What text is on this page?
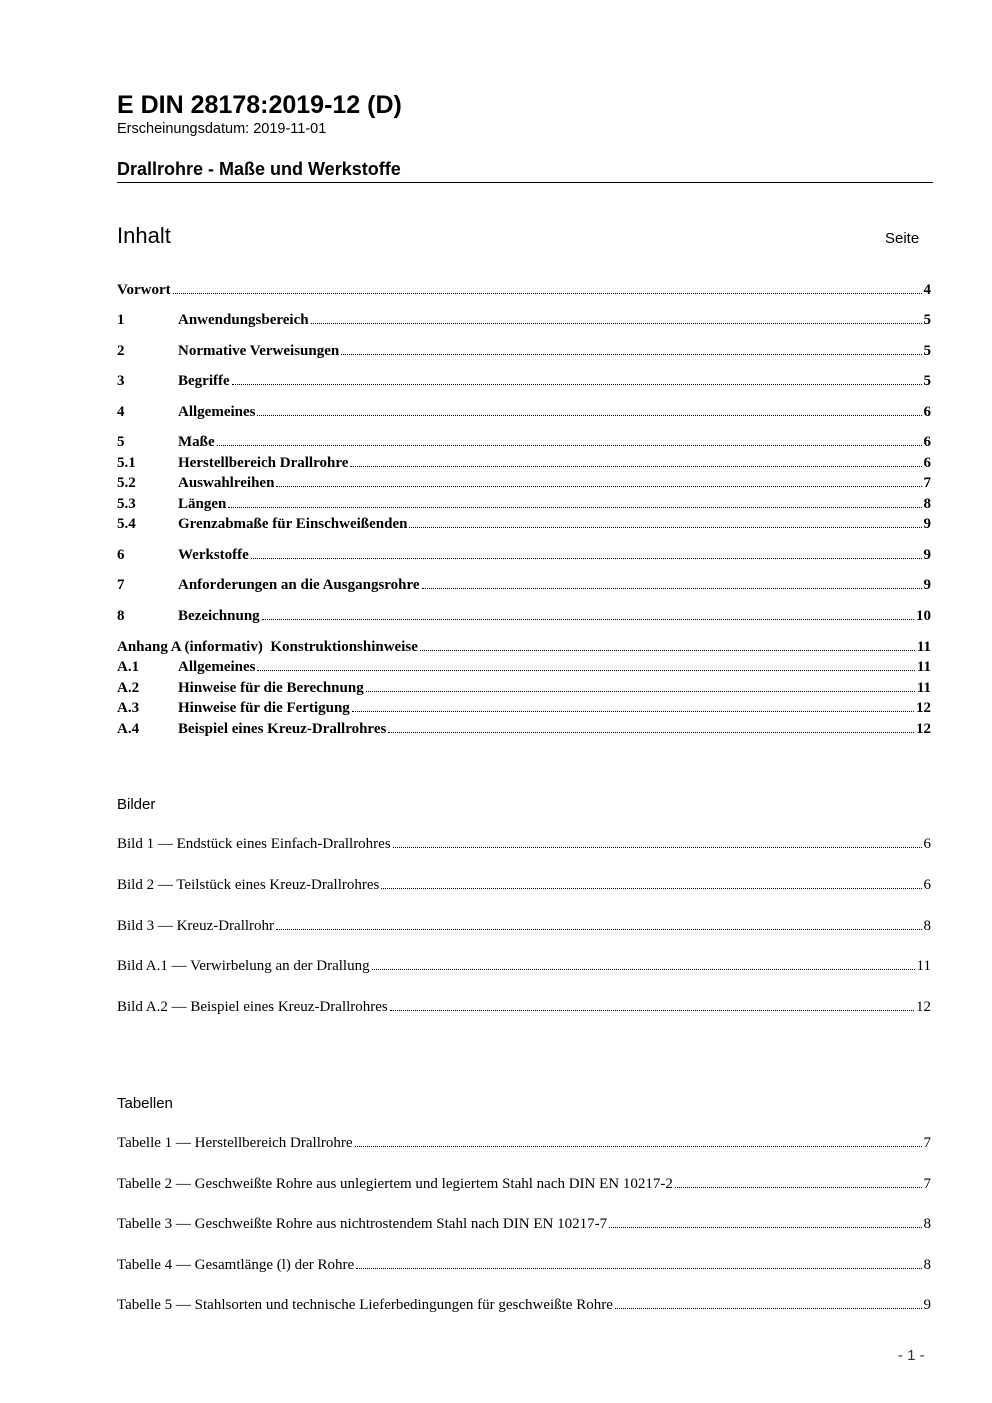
E DIN 28178:2019-12 (D)
Erscheinungsdatum: 2019-11-01
Drallrohre - Maße und Werkstoffe
Inhalt	Seite
Vorwort	4
1	Anwendungsbereich	5
2	Normative Verweisungen	5
3	Begriffe	5
4	Allgemeines	6
5	Maße	6
5.1	Herstellbereich Drallrohre	6
5.2	Auswahlreihen	7
5.3	Längen	8
5.4	Grenzabmaße für Einschweißenden	9
6	Werkstoffe	9
7	Anforderungen an die Ausgangsrohre	9
8	Bezeichnung	10
Anhang A (informativ)  Konstruktionshinweise	11
A.1	Allgemeines	11
A.2	Hinweise für die Berechnung	11
A.3	Hinweise für die Fertigung	12
A.4	Beispiel eines Kreuz-Drallrohres	12
Bilder
Bild 1 — Endstück eines Einfach-Drallrohres	6
Bild 2 — Teilstück eines Kreuz-Drallrohres	6
Bild 3 — Kreuz-Drallrohr	8
Bild A.1 — Verwirbelung an der Drallung	11
Bild A.2 — Beispiel eines Kreuz-Drallrohres	12
Tabellen
Tabelle 1 — Herstellbereich Drallrohre	7
Tabelle 2 — Geschweißte Rohre aus unlegiertem und legiertem Stahl nach DIN EN 10217-2	7
Tabelle 3 — Geschweißte Rohre aus nichtrostendem Stahl nach DIN EN 10217-7	8
Tabelle 4 — Gesamtlänge (l) der Rohre	8
Tabelle 5 — Stahlsorten und technische Lieferbedingungen für geschweißte Rohre	9
- 1 -
